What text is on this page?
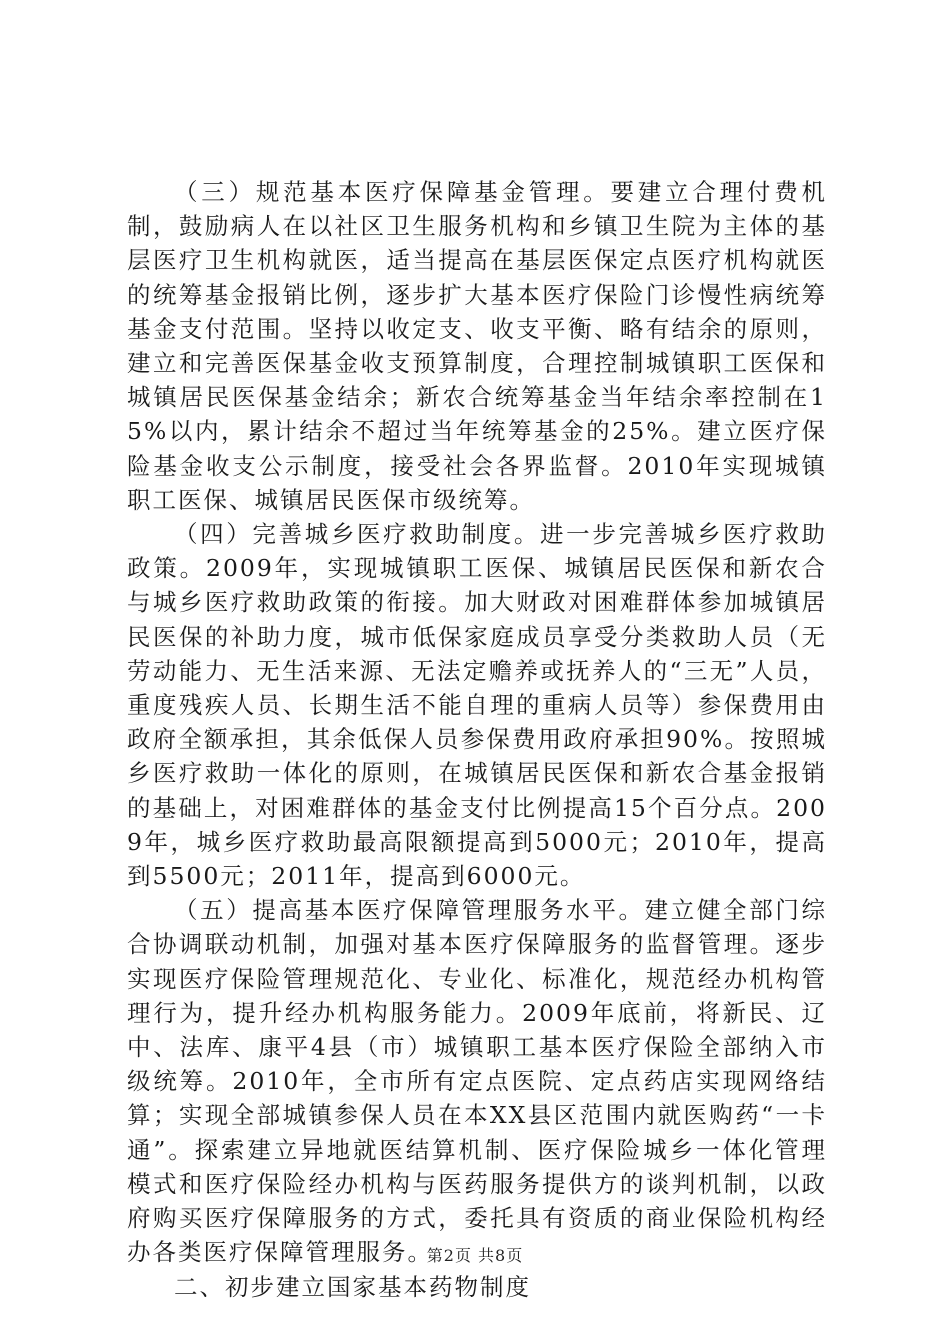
（三）规范基本医疗保障基金管理。要建立合理付费机制，鼓励病人在以社区卫生服务机构和乡镇卫生院为主体的基层医疗卫生机构就医，适当提高在基层医保定点医疗机构就医的统筹基金报销比例，逐步扩大基本医疗保险门诊慢性病统筹基金支付范围。坚持以收定支、收支平衡、略有结余的原则，建立和完善医保基金收支预算制度，合理控制城镇职工医保和城镇居民医保基金结余；新农合统筹基金当年结余率控制在15%以内，累计结余不超过当年统筹基金的25%。建立医疗保险基金收支公示制度，接受社会各界监督。2010年实现城镇职工医保、城镇居民医保市级统筹。

（四）完善城乡医疗救助制度。进一步完善城乡医疗救助政策。2009年，实现城镇职工医保、城镇居民医保和新农合与城乡医疗救助政策的衔接。加大财政对困难群体参加城镇居民医保的补助力度，城市低保家庭成员享受分类救助人员（无劳动能力、无生活来源、无法定赡养或抚养人的“三无”人员，重度残疾人员、长期生活不能自理的重病人员等）参保费用由政府全额承担，其余低保人员参保费用政府承担90%。按照城乡医疗救助一体化的原则，在城镇居民医保和新农合基金报销的基础上，对困难群体的基金支付比例提高15个百分点。2009年，城乡医疗救助最高限额提高到5000元；2010年，提高到5500元；2011年，提高到6000元。

（五）提高基本医疗保障管理服务水平。建立健全部门综合协调联动机制，加强对基本医疗保障服务的监督管理。逐步实现医疗保险管理规范化、专业化、标准化，规范经办机构管理行为，提升经办机构服务能力。2009年底前，将新民、辽中、法库、康平4县（市）城镇职工基本医疗保险全部纳入市级统筹。2010年，全市所有定点医院、定点药店实现网络结算；实现全部城镇参保人员在本XX县区范围内就医购药“一卡通”。探索建立异地就医结算机制、医疗保险城乡一体化管理模式和医疗保险经办机构与医药服务提供方的谈判机制，以政府购买医疗保障服务的方式，委托具有资质的商业保险机构经办各类医疗保障管理服务。

二、初步建立国家基本药物制度

第2页 共8页
